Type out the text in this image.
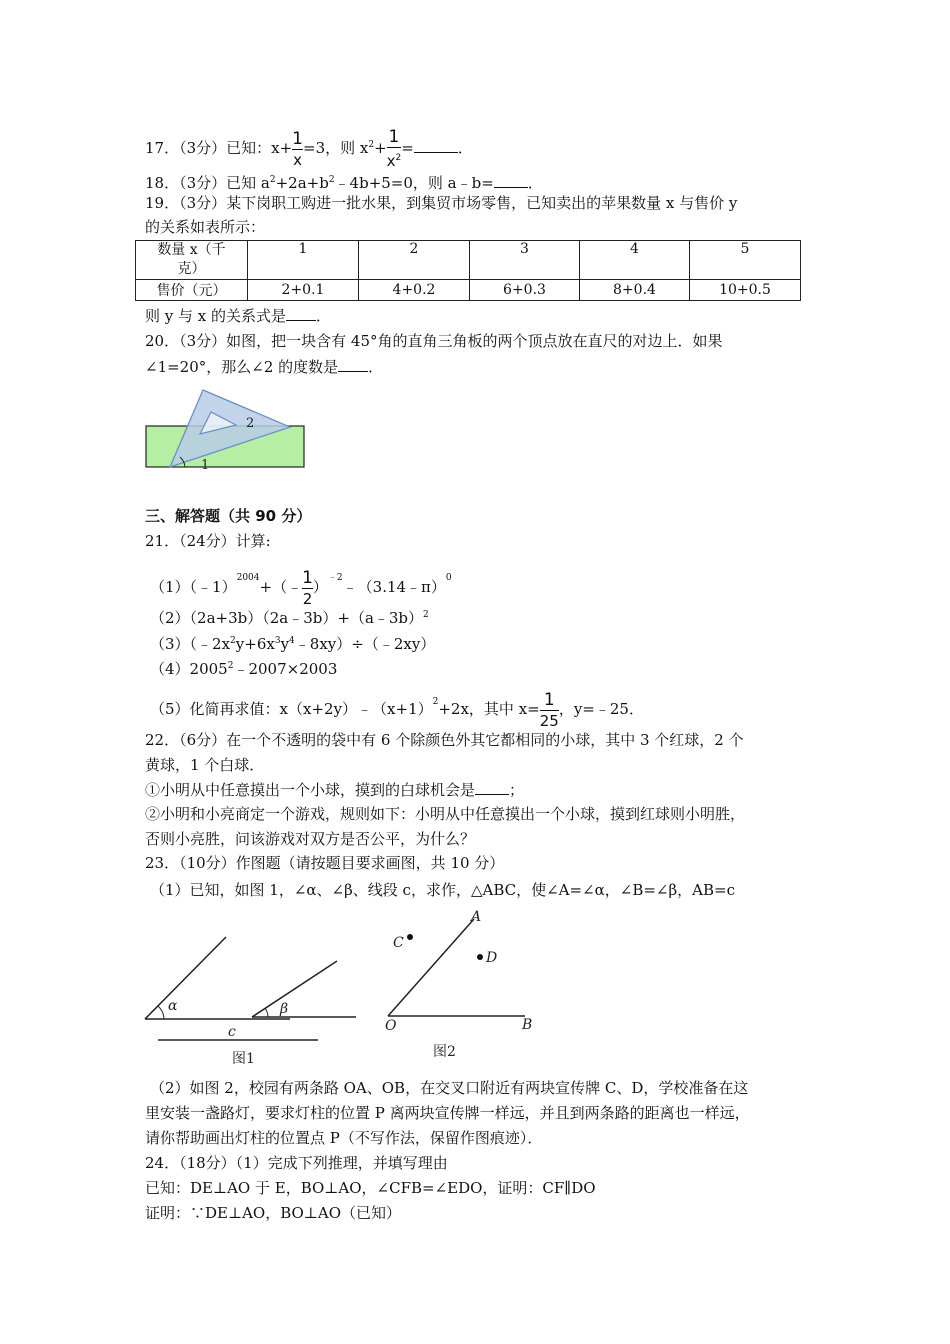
17．（3分）已知：$x+ \frac{1}{x} =3$，则 $x^2+ \frac{1}{x^2}$ =	．
18．（3分）已知 $a^2+2a+b^2﹣4b+5=0$，则 a﹣b= ．
19．（3分）某下岗职工购进一批水果，到集贸市场零售，已知卖出的苹果数量 x 与售价 y
的关系如表所示：
数量 x（千克）	1	2	3	4	5
售价（元）	2+0.1	4+0.2	6+0.3	8+0.4	10+0.5
则 y 与 x 的关系式是 ．
20．（3分）如图，把一块含有 45°角的直角三角板的两个顶点放在直尺的对边上．如果
∠1=20°，那么∠2 的度数是 ．
1
2
三、解答题（共 90 分）
21．（24分）计算:
（1）（﹣1）$^{2004}$+（﹣ $\frac{1}{2}$ ）$^{﹣2}$﹣（3.14﹣π）$^0$
（2）（2a+3b）（2a﹣3b）+（a﹣3b）$^2$
$(3)(﹣2x^2y+6x^3y^4﹣8xy)\div(﹣2xy)$
$(4)2005^2﹣2007\times 2003$
（5）化简再求值：$x(x+2y)﹣(x+1)^2+2x$，其中 $x= \frac{1}{25}$ ，y=﹣25．
22．（6分）在一个不透明的袋中有 6 个除颜色外其它都相同的小球，其中 3 个红球，2 个
黄球，1 个白球．
①小明从中任意摸出一个小球，摸到的白球机会是 ；
②小明和小亮商定一个游戏，规则如下：小明从中任意摸出一个小球，摸到红球则小明胜，
否则小亮胜，问该游戏对双方是否公平，为什么？
23．（10分）作图题（请按题目要求画图，共 10 分）
（1）已知，如图 1，∠α、∠β、线段 c，求作，△ABC，使∠A=∠α，∠B=∠β，AB=c
α	β
c
图1
A
B
O
C
D
图2
（2）如图 2，校园有两条路 OA、OB，在交叉口附近有两块宣传牌 C、D，学校准备在这
里安装一盏路灯，要求灯柱的位置 P 离两块宣传牌一样远，并且到两条路的距离也一样远，
请你帮助画出灯柱的位置点 P（不写作法，保留作图痕迹）．
24．（18分）（1）完成下列推理，并填写理由
已知：DE⊥AO 于 E，BO⊥AO，∠CFB=∠EDO，证明：CF∥DO
证明：∵DE⊥AO，BO⊥AO（已知）
